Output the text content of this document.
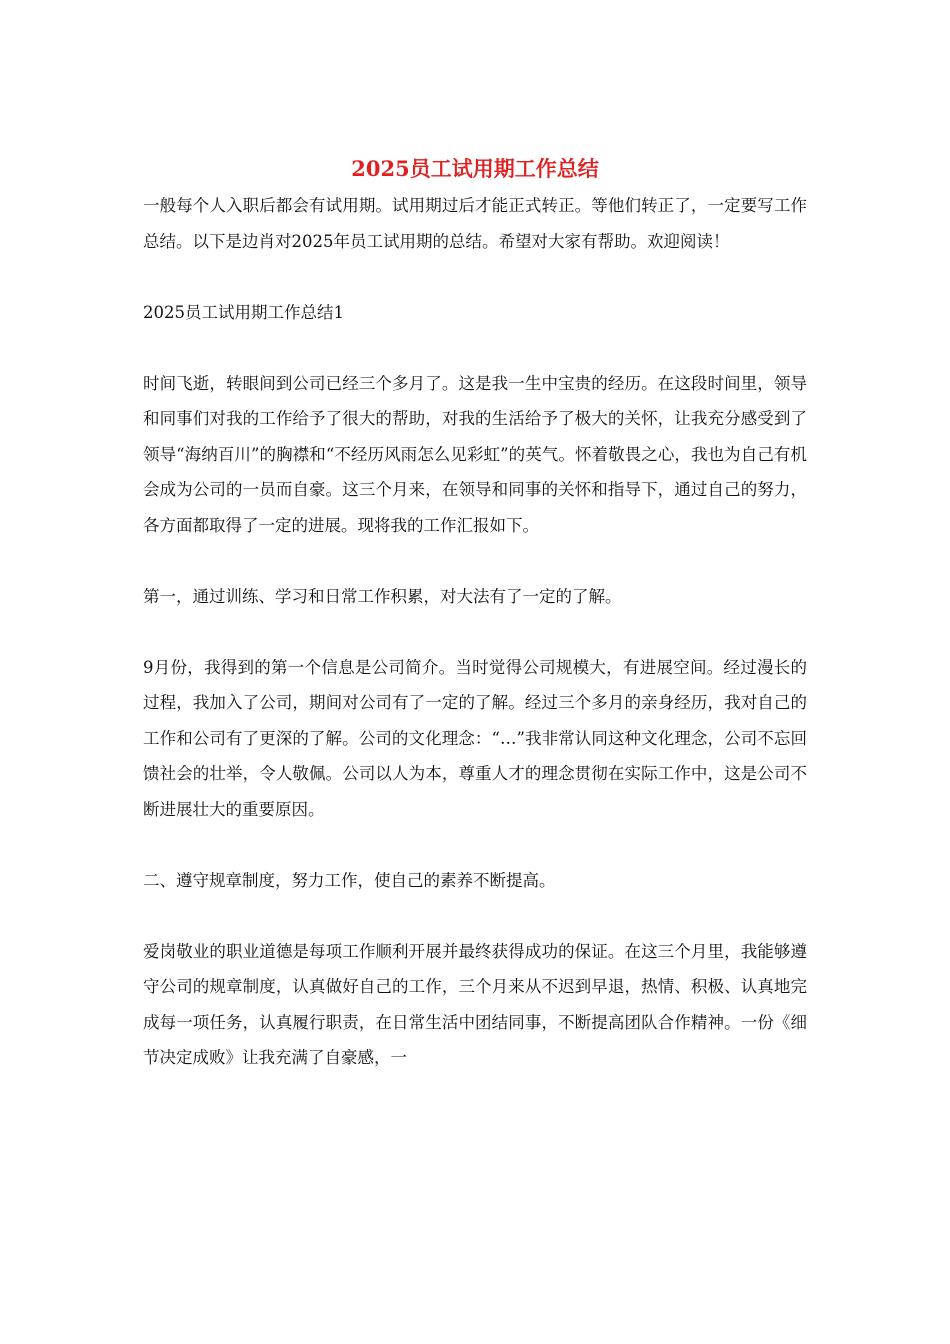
2025员工试用期工作总结

一般每个人入职后都会有试用期。试用期过后才能正式转正。等他们转正了，一定要写工作总结。以下是边肖对2025年员工试用期的总结。希望对大家有帮助。欢迎阅读！

2025员工试用期工作总结1

时间飞逝，转眼间到公司已经三个多月了。这是我一生中宝贵的经历。在这段时间里，领导和同事们对我的工作给予了很大的帮助，对我的生活给予了极大的关怀，让我充分感受到了领导“海纳百川”的胸襟和“不经历风雨怎么见彩虹”的英气。怀着敬畏之心，我也为自己有机会成为公司的一员而自豪。这三个月来，在领导和同事的关怀和指导下，通过自己的努力，各方面都取得了一定的进展。现将我的工作汇报如下。

第一，通过训练、学习和日常工作积累，对大法有了一定的了解。

9月份，我得到的第一个信息是公司简介。当时觉得公司规模大，有进展空间。经过漫长的过程，我加入了公司，期间对公司有了一定的了解。经过三个多月的亲身经历，我对自己的工作和公司有了更深的了解。公司的文化理念：“…”我非常认同这种文化理念，公司不忘回馈社会的壮举，令人敬佩。公司以人为本，尊重人才的理念贯彻在实际工作中，这是公司不断进展壮大的重要原因。

二、遵守规章制度，努力工作，使自己的素养不断提高。

爱岗敬业的职业道德是每项工作顺利开展并最终获得成功的保证。在这三个月里，我能够遵守公司的规章制度，认真做好自己的工作，三个月来从不迟到早退，热情、积极、认真地完成每一项任务，认真履行职责，在日常生活中团结同事，不断提高团队合作精神。一份《细节决定成败》让我充满了自豪感，一
